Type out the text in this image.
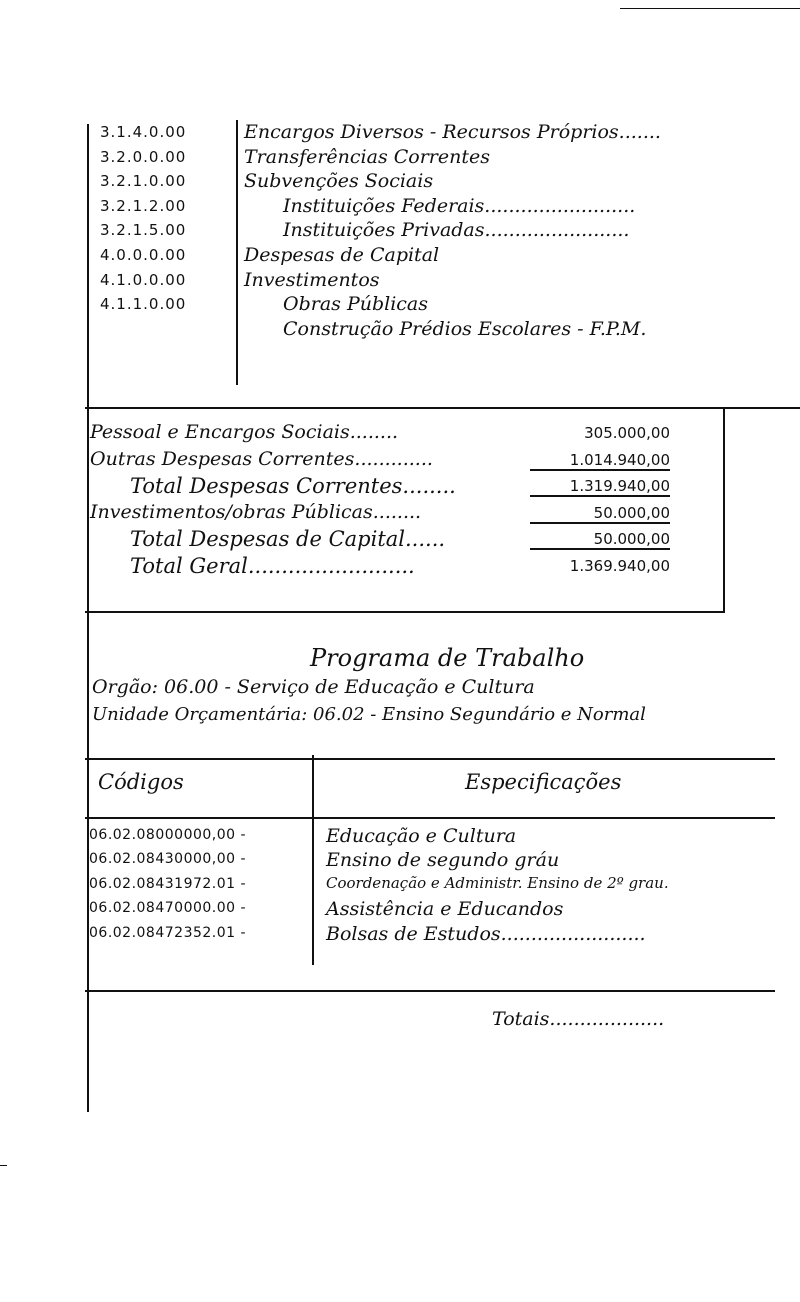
3.1.4.0.00	Encargos Diversos - Recursos Próprios.......
3.2.0.0.00	Transferências Correntes
3.2.1.0.00	Subvenções Sociais
3.2.1.2.00	Instituições Federais.........................
3.2.1.5.00	Instituições Privadas........................
4.0.0.0.00	Despesas de Capital
4.1.0.0.00	Investimentos
4.1.1.0.00	Obras Públicas
Construção Prédios Escolares - F.P.M.
Pessoal e Encargos Sociais........	305.000,00
Outras Despesas Correntes.............	1.014.940,00
Total Despesas Correntes........	1.319.940,00
Investimentos/obras Públicas........	50.000,00
Total Despesas de Capital......	50.000,00
Total Geral.........................	1.369.940,00
Programa de Trabalho
Orgão: 06.00 - Serviço de Educação e Cultura
Unidade Orçamentária: 06.02 - Ensino Segundário e Normal
Códigos	Especificações
06.02.08000000,00 -	Educação e Cultura
06.02.08430000,00 -	Ensino de segundo gráu
06.02.08431972.01 -	Coordenação e Administr. Ensino de 2º grau.
06.02.08470000.00 -	Assistência e Educandos
06.02.08472352.01 -	Bolsas de Estudos........................
Totais...................
